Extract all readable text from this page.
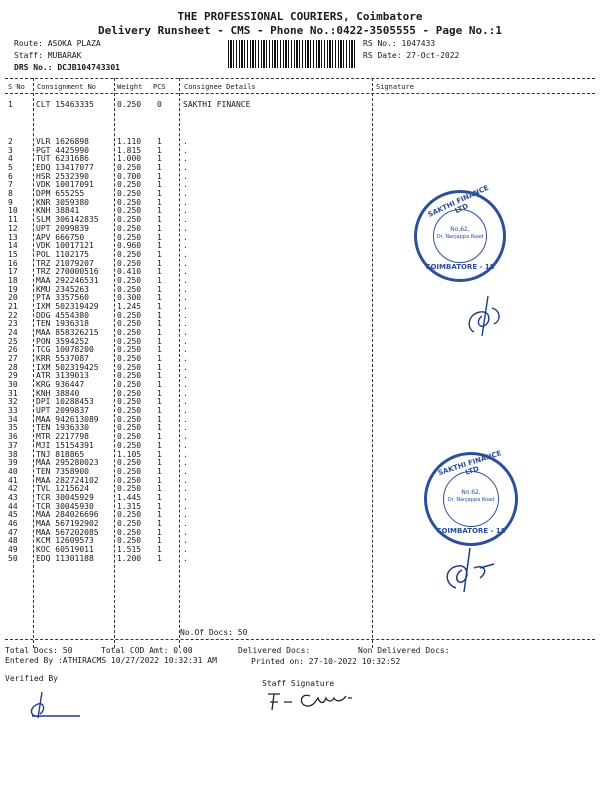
THE PROFESSIONAL COURIERS, Coimbatore
Delivery Runsheet - CMS - Phone No.:0422-3505555 - Page No.:1
Route: ASOKA PLAZA
Staff: MUBARAK
DRS No.: DCJB104743301
RS No.: 1047433
RS Date: 27-Oct-2022
S No Consignment No	Weight PCS	Consignee Details	Signature
1	CLT 15463335	0.250 0	SAKTHI FINANCE
2	VLR 1626898	1.110 1	.
3	PGT 4425990	1.815 1	.
4	TUT 6231686	1.000 1	.
5	EDQ 13417077	0.250 1	.
6	HSR 2532390	0.700 1	.
7	VDK 10017091	0.250 1	.
8	DPM 655255	0.250 1	.
9	KNR 3059380	0.250 1	.
10 KNH 38841	0.250 1	.
11 SLM 306142835 0.250 1	.
12 UPT 2099839	0.250 1	.
13 APV 666750	0.250 1	.
14 VDK 10017121	0.960 1	.
15 POL 1102175	0.250 1	.
16 TRZ 21079207	0.250 1	.
17 TRZ 270000516 0.410 1	.
18 MAA 292246531 0.250 1	.
19 KMU 2345263	0.250 1	.
20 PTA 3357560	0.300 1	.
21 IXM 502319429 1.245 1	.
22 DDG 4554380	0.250 1	.
23 TEN 1936318	0.250 1	.
24 MAA 858326215 0.250 1	.
25 PON 3594252	0.250 1	.
26 TCG 10078200	0.250 1	.
27 KRR 5537087	0.250 1	.
28 IXM 502319425 0.250 1	.
29 ATR 3139013	0.250 1	.
30 KRG 936447	0.250 1	.
31 KNH 38840	0.250 1	.
32 DPI 10288453	0.250 1	.
33 UPT 2099837	0.250 1	.
34 MAA 942613089 0.250 1	.
35 TEN 1936330	0.250 1	.
36 MTR 2217798	0.250 1	.
37 MJI 15154391	0.250 1	.
38 TNJ 818865	1.105 1	.
39 MAA 295280023 0.250 1	.
40 TEN 7358900	0.250 1	.
41 MAA 282724102 0.250 1	.
42 TVL 1215624	0.250 1	.
43 TCR 30045929	1.445 1	.
44 TCR 30045930	1.315 1	.
45 MAA 284026696 0.250 1	.
46 MAA 567192902 0.250 1	.
47 MAA 567202085 0.250 1	.
48 KCM 12609573	0.250 1	.
49 KOC 60519011	1.515 1	.
50 EDQ 11301188	1.200 1	.
No.Of Docs: 50
Total Docs: 50	Total COD Amt: 0.00	Delivered Docs:	Non Delivered Docs:
Entered By :ATHIRACMS 10/27/2022 10:32:31 AM	Printed on: 27-10-2022 10:32:52
Verified By
Staff Signature
SAKTHI FINANCE LTD
No.62,
Dr. Nanjappa Road
COIMBATORE - 18
SAKTHI FINANCE LTD
No.62,
Dr. Nanjappa Road
COIMBATORE - 18
